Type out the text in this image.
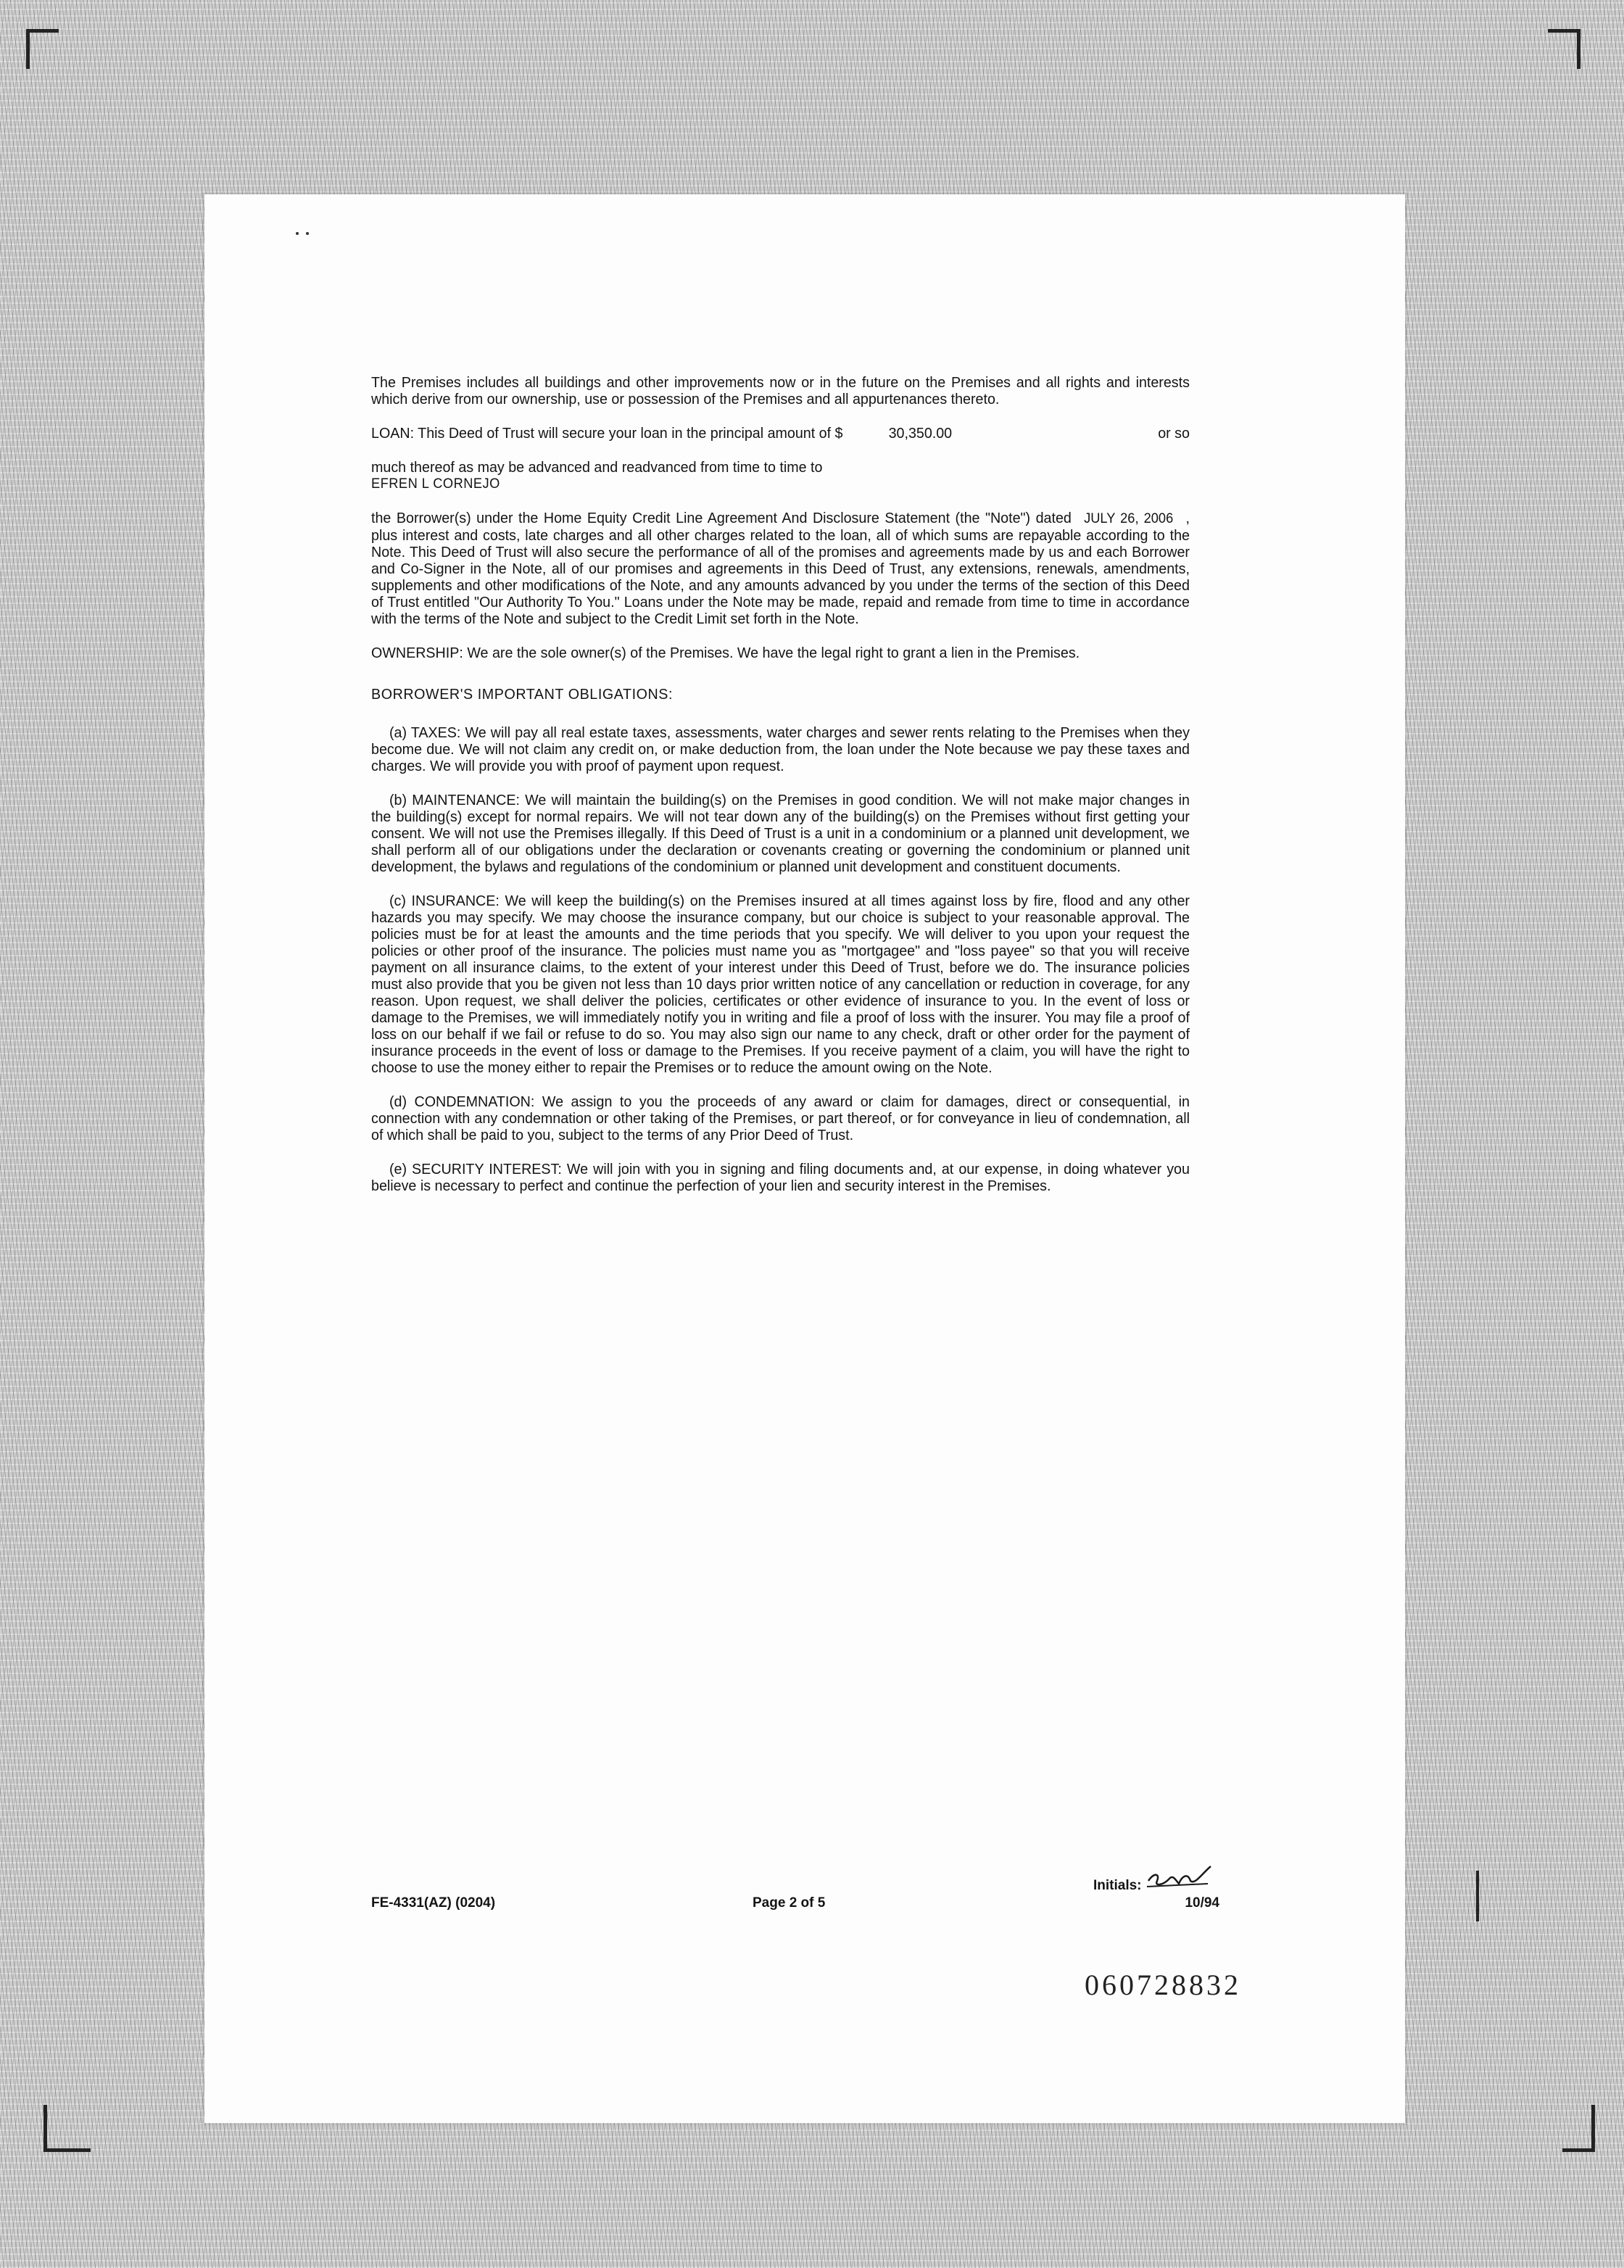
The Premises includes all buildings and other improvements now or in the future on the Premises and all rights and interests which derive from our ownership, use or possession of the Premises and all appurtenances thereto.

LOAN: This Deed of Trust will secure your loan in the principal amount of $	30,350.00	or so

much thereof as may be advanced and readvanced from time to time to
EFREN L CORNEJO

the Borrower(s) under the Home Equity Credit Line Agreement And Disclosure Statement (the "Note") dated JULY 26, 2006 , plus interest and costs, late charges and all other charges related to the loan, all of which sums are repayable according to the Note. This Deed of Trust will also secure the performance of all of the promises and agreements made by us and each Borrower and Co-Signer in the Note, all of our promises and agreements in this Deed of Trust, any extensions, renewals, amendments, supplements and other modifications of the Note, and any amounts advanced by you under the terms of the section of this Deed of Trust entitled "Our Authority To You." Loans under the Note may be made, repaid and remade from time to time in accordance with the terms of the Note and subject to the Credit Limit set forth in the Note.

OWNERSHIP: We are the sole owner(s) of the Premises. We have the legal right to grant a lien in the Premises.

BORROWER'S IMPORTANT OBLIGATIONS:

(a) TAXES: We will pay all real estate taxes, assessments, water charges and sewer rents relating to the Premises when they become due. We will not claim any credit on, or make deduction from, the loan under the Note because we pay these taxes and charges. We will provide you with proof of payment upon request.

(b) MAINTENANCE: We will maintain the building(s) on the Premises in good condition. We will not make major changes in the building(s) except for normal repairs. We will not tear down any of the building(s) on the Premises without first getting your consent. We will not use the Premises illegally. If this Deed of Trust is a unit in a condominium or a planned unit development, we shall perform all of our obligations under the declaration or covenants creating or governing the condominium or planned unit development, the bylaws and regulations of the condominium or planned unit development and constituent documents.

(c) INSURANCE: We will keep the building(s) on the Premises insured at all times against loss by fire, flood and any other hazards you may specify. We may choose the insurance company, but our choice is subject to your reasonable approval. The policies must be for at least the amounts and the time periods that you specify. We will deliver to you upon your request the policies or other proof of the insurance. The policies must name you as "mortgagee" and "loss payee" so that you will receive payment on all insurance claims, to the extent of your interest under this Deed of Trust, before we do. The insurance policies must also provide that you be given not less than 10 days prior written notice of any cancellation or reduction in coverage, for any reason. Upon request, we shall deliver the policies, certificates or other evidence of insurance to you. In the event of loss or damage to the Premises, we will immediately notify you in writing and file a proof of loss with the insurer. You may file a proof of loss on our behalf if we fail or refuse to do so. You may also sign our name to any check, draft or other order for the payment of insurance proceeds in the event of loss or damage to the Premises. If you receive payment of a claim, you will have the right to choose to use the money either to repair the Premises or to reduce the amount owing on the Note.

(d) CONDEMNATION: We assign to you the proceeds of any award or claim for damages, direct or consequential, in connection with any condemnation or other taking of the Premises, or part thereof, or for conveyance in lieu of condemnation, all of which shall be paid to you, subject to the terms of any Prior Deed of Trust.

(e) SECURITY INTEREST: We will join with you in signing and filing documents and, at our expense, in doing whatever you believe is necessary to perfect and continue the perfection of your lien and security interest in the Premises.

Initials:
FE-4331(AZ) (0204)	Page 2 of 5	10/94
060728832
